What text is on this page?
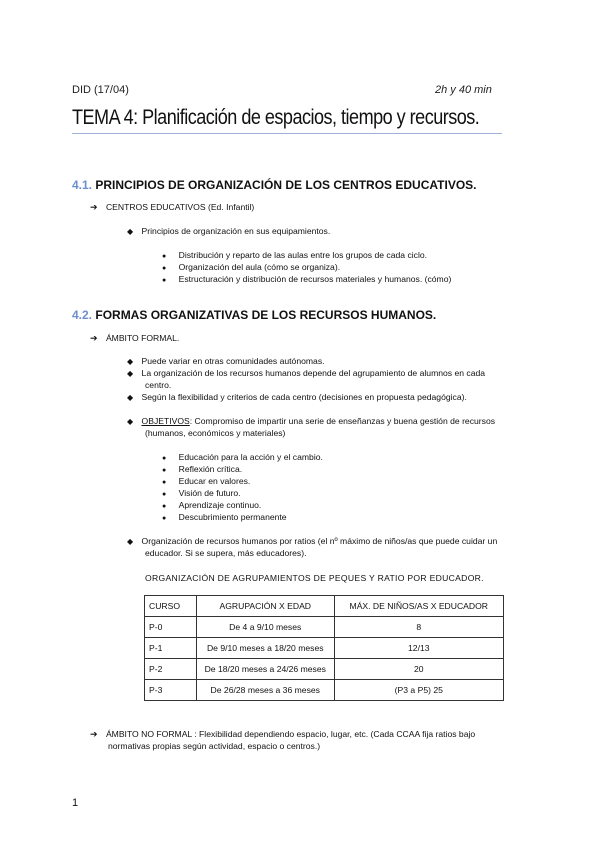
DID (17/04)	2h y 40 min
TEMA 4: Planificación de espacios, tiempo y recursos.
4.1. PRINCIPIOS DE ORGANIZACIÓN DE LOS CENTROS EDUCATIVOS.
➔ CENTROS EDUCATIVOS (Ed. Infantil)
◆ Principios de organización en sus equipamientos.
● Distribución y reparto de las aulas entre los grupos de cada ciclo.
● Organización del aula (cómo se organiza).
● Estructuración y distribución de recursos materiales y humanos. (cómo)
4.2. FORMAS ORGANIZATIVAS DE LOS RECURSOS HUMANOS.
➔ ÁMBITO FORMAL.
◆ Puede variar en otras comunidades autónomas.
◆ La organización de los recursos humanos depende del agrupamiento de alumnos en cada
centro.
◆ Según la flexibilidad y criterios de cada centro (decisiones en propuesta pedagógica).
◆ OBJETIVOS: Compromiso de impartir una serie de enseñanzas y buena gestión de recursos
(humanos, económicos y materiales)
● Educación para la acción y el cambio.
● Reflexión crítica.
● Educar en valores.
● Visión de futuro.
● Aprendizaje continuo.
● Descubrimiento permanente
◆ Organización de recursos humanos por ratios (el nº máximo de niños/as que puede cuidar un
educador. Si se supera, más educadores).
ORGANIZACIÓN DE AGRUPAMIENTOS DE PEQUES Y RATIO POR EDUCADOR.
CURSO	AGRUPACIÓN X EDAD	MÁX. DE NIÑOS/AS X EDUCADOR
P-0	De 4 a 9/10 meses	8
P-1	De 9/10 meses a 18/20 meses	12/13
P-2	De 18/20 meses a 24/26 meses	20
P-3	De 26/28 meses a 36 meses	(P3 a P5) 25
➔ ÁMBITO NO FORMAL : Flexibilidad dependiendo espacio, lugar, etc. (Cada CCAA fija ratios bajo
normativas propias según actividad, espacio o centros.)
1
